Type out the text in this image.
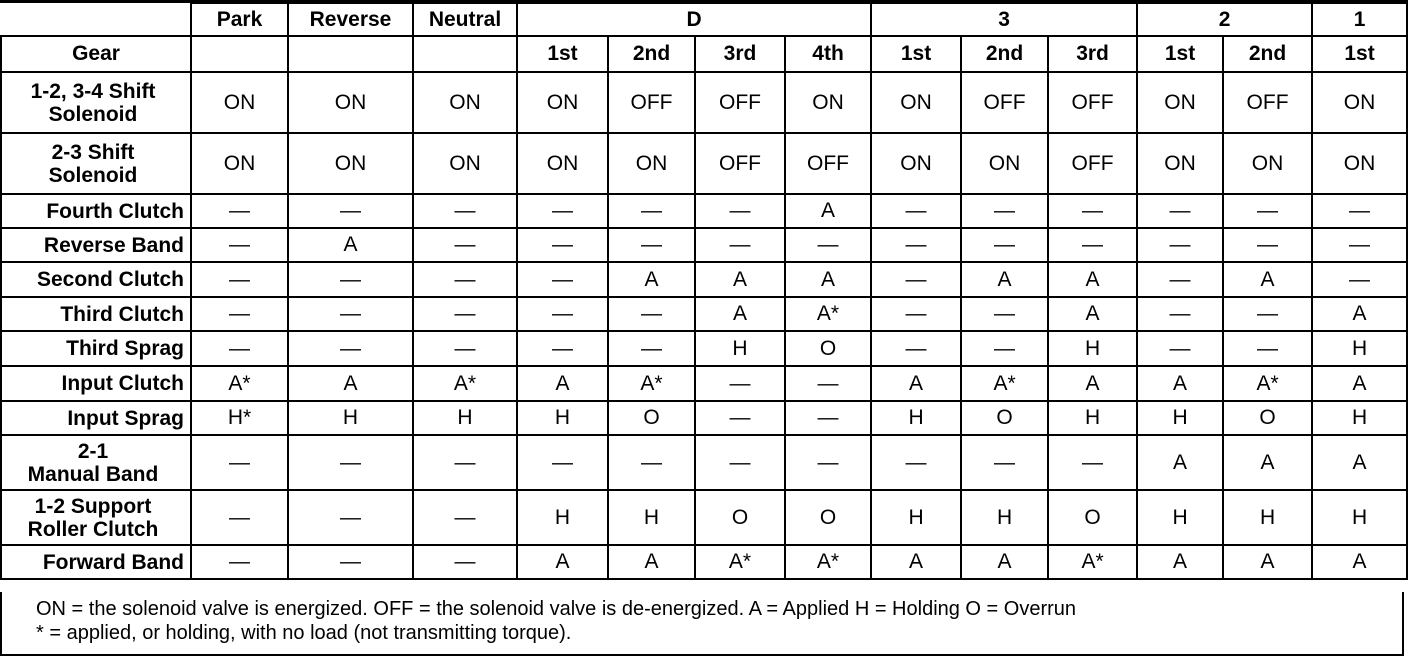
	Park	Reverse	Neutral	D				3			2		1
Gear				1st	2nd	3rd	4th	1st	2nd	3rd	1st	2nd	1st

1-2, 3-4 Shift
Solenoid	ON	ON	ON	ON	OFF	OFF	ON	ON	OFF	OFF	ON	OFF	ON

2-3 Shift
Solenoid	ON	ON	ON	ON	ON	OFF	OFF	ON	ON	OFF	ON	ON	ON

Fourth Clutch	—	—	—	—	—	—	A	—	—	—	—	—	—

Reverse Band	—	A	—	—	—	—	—	—	—	—	—	—	—

Second Clutch	—	—	—	—	A	A	A	—	A	A	—	A	—

Third Clutch	—	—	—	—	—	A	A*	—	—	A	—	—	A

Third Sprag	—	—	—	—	—	H	O	—	—	H	—	—	H

Input Clutch	A*	A	A*	A	A*	—	—	A	A*	A	A	A*	A

Input Sprag	H*	H	H	H	O	—	—	H	O	H	H	O	H

2-1
Manual Band	—	—	—	—	—	—	—	—	—	—	A	A	A

1-2 Support
Roller Clutch	—	—	—	H	H	O	O	H	H	O	H	H	H

Forward Band	—	—	—	A	A	A*	A*	A	A	A*	A	A	A
ON = the solenoid valve is energized. OFF = the solenoid valve is de-energized. A = Applied H = Holding O = Overrun
* = applied, or holding, with no load (not transmitting torque).
